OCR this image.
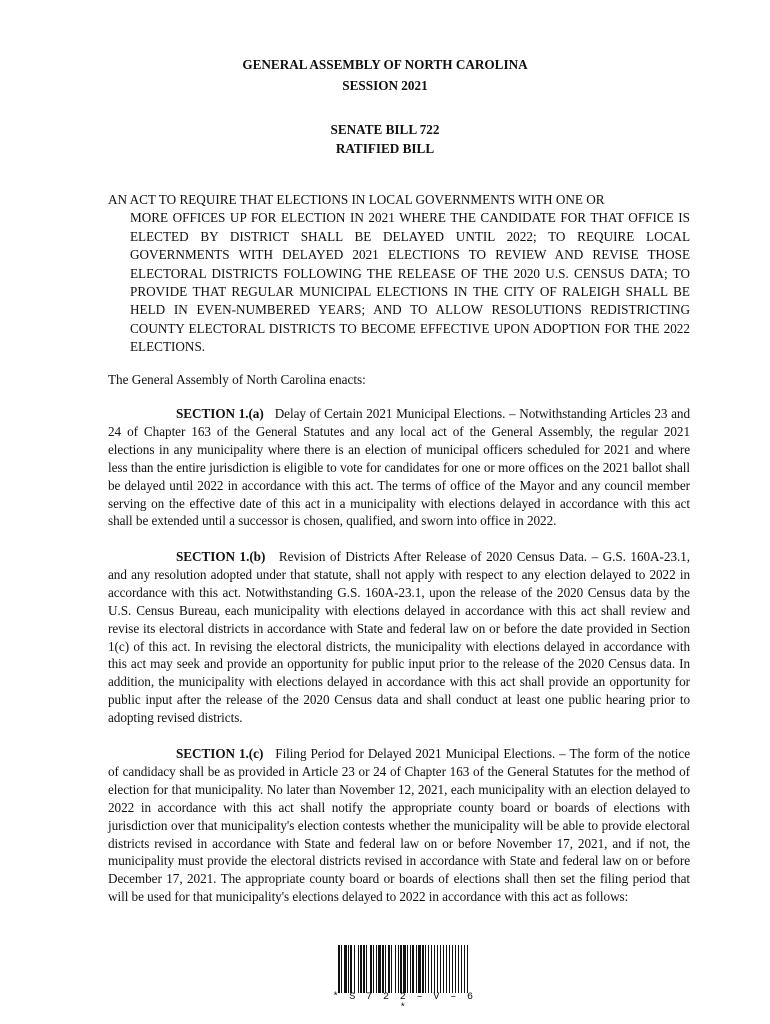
GENERAL ASSEMBLY OF NORTH CAROLINA
SESSION 2021
SENATE BILL 722
RATIFIED BILL
AN ACT TO REQUIRE THAT ELECTIONS IN LOCAL GOVERNMENTS WITH ONE OR
MORE OFFICES UP FOR ELECTION IN 2021 WHERE THE CANDIDATE FOR THAT OFFICE IS ELECTED BY DISTRICT SHALL BE DELAYED UNTIL 2022; TO REQUIRE LOCAL GOVERNMENTS WITH DELAYED 2021 ELECTIONS TO REVIEW AND REVISE THOSE ELECTORAL DISTRICTS FOLLOWING THE RELEASE OF THE 2020 U.S. CENSUS DATA; TO PROVIDE THAT REGULAR MUNICIPAL ELECTIONS IN THE CITY OF RALEIGH SHALL BE HELD IN EVEN-NUMBERED YEARS; AND TO ALLOW RESOLUTIONS REDISTRICTING COUNTY ELECTORAL DISTRICTS TO BECOME EFFECTIVE UPON ADOPTION FOR THE 2022 ELECTIONS.
The General Assembly of North Carolina enacts:
SECTION 1.(a) Delay of Certain 2021 Municipal Elections. – Notwithstanding Articles 23 and 24 of Chapter 163 of the General Statutes and any local act of the General Assembly, the regular 2021 elections in any municipality where there is an election of municipal officers scheduled for 2021 and where less than the entire jurisdiction is eligible to vote for candidates for one or more offices on the 2021 ballot shall be delayed until 2022 in accordance with this act. The terms of office of the Mayor and any council member serving on the effective date of this act in a municipality with elections delayed in accordance with this act shall be extended until a successor is chosen, qualified, and sworn into office in 2022.
SECTION 1.(b) Revision of Districts After Release of 2020 Census Data. – G.S. 160A-23.1, and any resolution adopted under that statute, shall not apply with respect to any election delayed to 2022 in accordance with this act. Notwithstanding G.S. 160A-23.1, upon the release of the 2020 Census data by the U.S. Census Bureau, each municipality with elections delayed in accordance with this act shall review and revise its electoral districts in accordance with State and federal law on or before the date provided in Section 1(c) of this act. In revising the electoral districts, the municipality with elections delayed in accordance with this act may seek and provide an opportunity for public input prior to the release of the 2020 Census data. In addition, the municipality with elections delayed in accordance with this act shall provide an opportunity for public input after the release of the 2020 Census data and shall conduct at least one public hearing prior to adopting revised districts.
SECTION 1.(c) Filing Period for Delayed 2021 Municipal Elections. – The form of the notice of candidacy shall be as provided in Article 23 or 24 of Chapter 163 of the General Statutes for the method of election for that municipality. No later than November 12, 2021, each municipality with an election delayed to 2022 in accordance with this act shall notify the appropriate county board or boards of elections with jurisdiction over that municipality's election contests whether the municipality will be able to provide electoral districts revised in accordance with State and federal law on or before November 17, 2021, and if not, the municipality must provide the electoral districts revised in accordance with State and federal law on or before December 17, 2021. The appropriate county board or boards of elections shall then set the filing period that will be used for that municipality's elections delayed to 2022 in accordance with this act as follows:
* S 7 2 2 – V – 6 *
